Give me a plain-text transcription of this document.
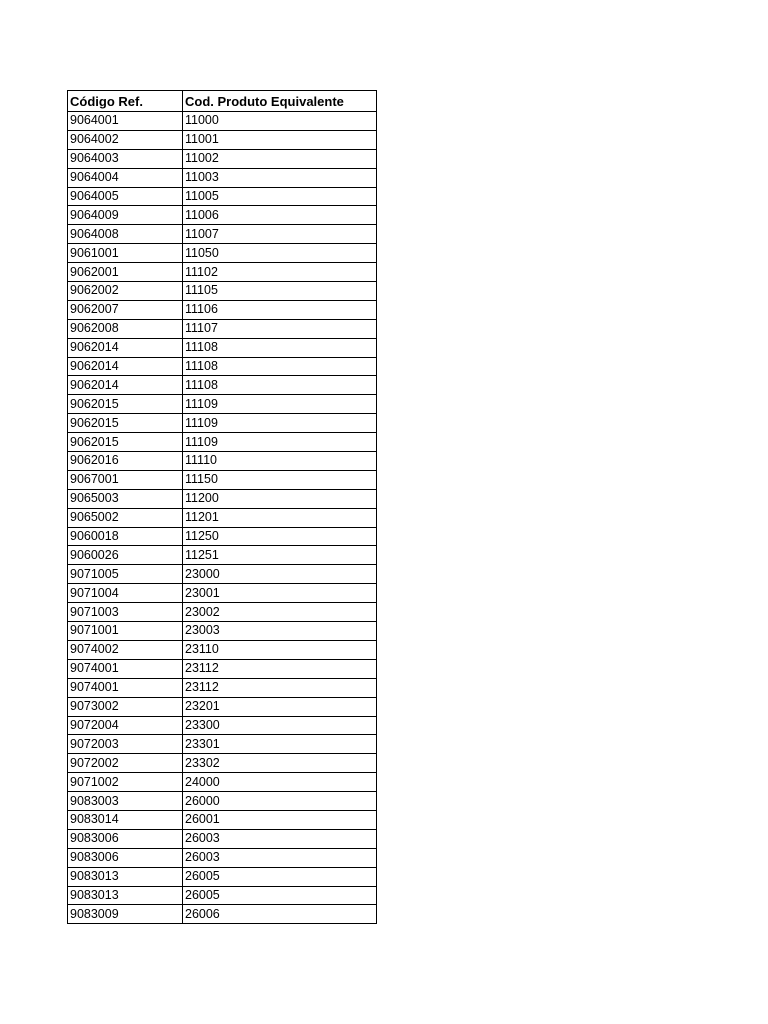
Código Ref.	Cod. Produto Equivalente
9064001	11000
9064002	11001
9064003	11002
9064004	11003
9064005	11005
9064009	11006
9064008	11007
9061001	11050
9062001	11102
9062002	11105
9062007	11106
9062008	11107
9062014	11108
9062014	11108
9062014	11108
9062015	11109
9062015	11109
9062015	11109
9062016	11110
9067001	11150
9065003	11200
9065002	11201
9060018	11250
9060026	11251
9071005	23000
9071004	23001
9071003	23002
9071001	23003
9074002	23110
9074001	23112
9074001	23112
9073002	23201
9072004	23300
9072003	23301
9072002	23302
9071002	24000
9083003	26000
9083014	26001
9083006	26003
9083006	26003
9083013	26005
9083013	26005
9083009	26006
